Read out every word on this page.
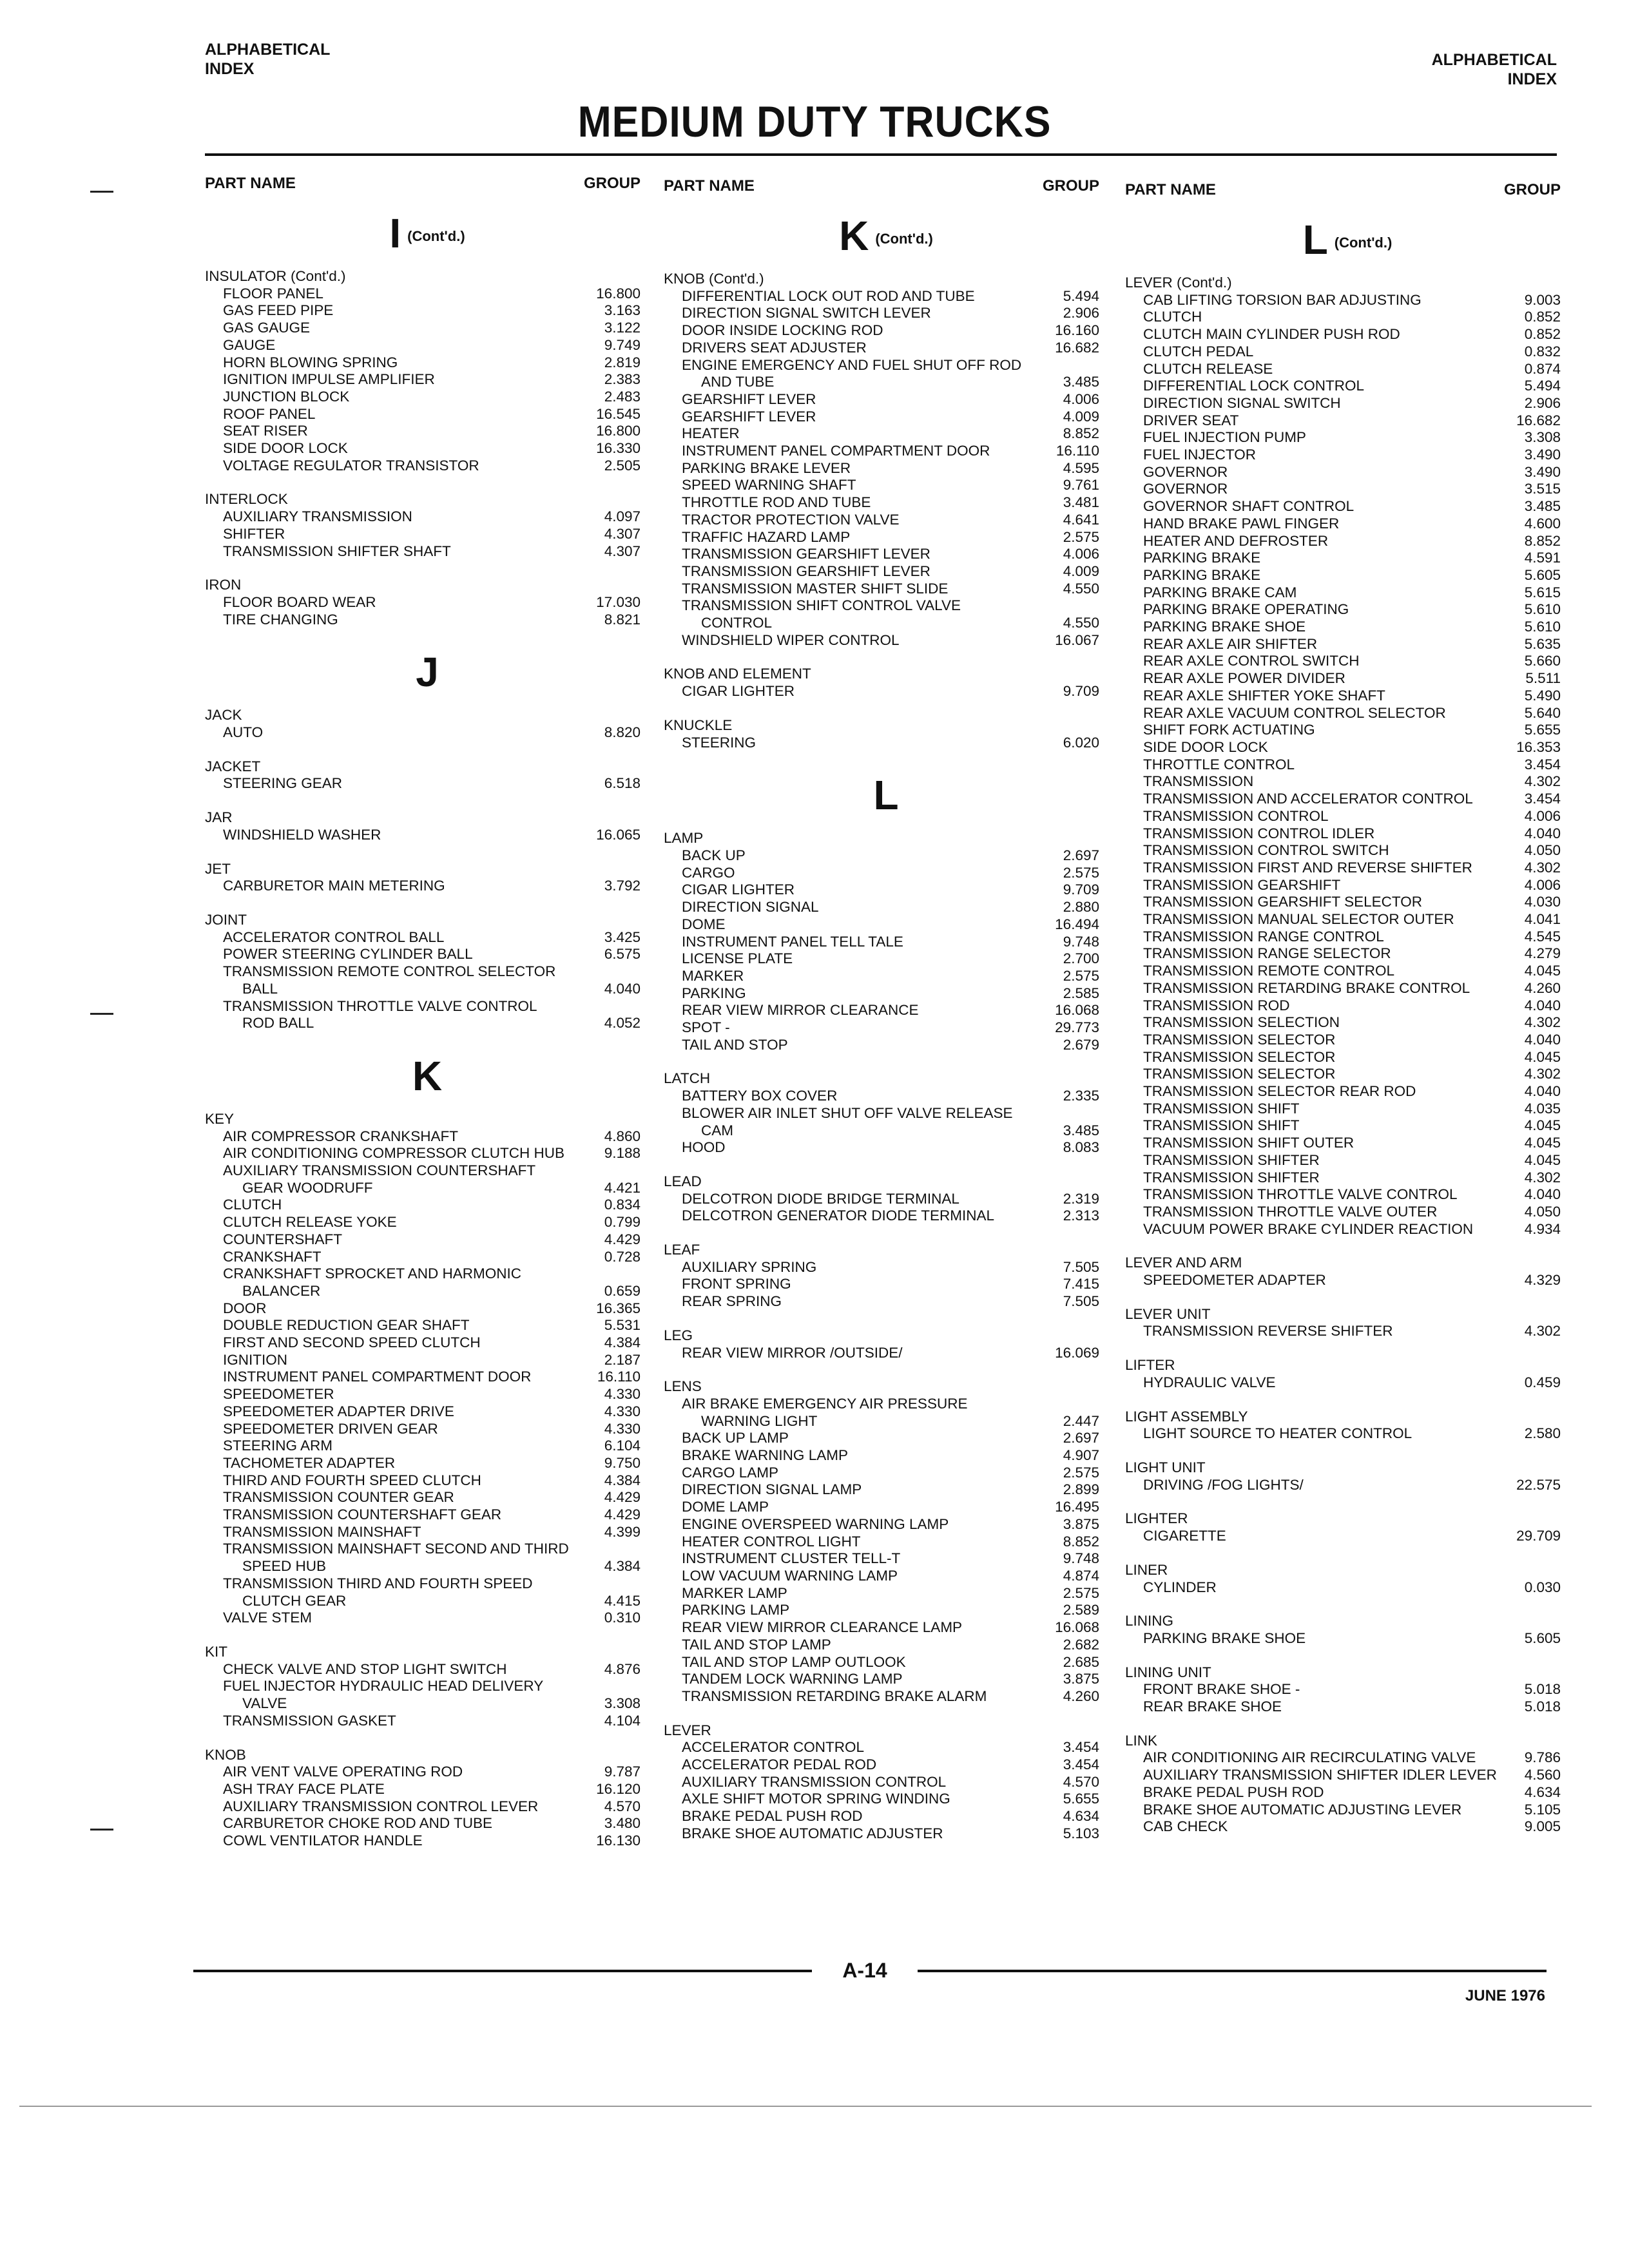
ALPHABETICAL
INDEX	ALPHABETICAL
INDEX
MEDIUM DUTY TRUCKS
PART NAME	GROUP
I (Cont'd.)
INSULATOR (Cont'd.)
FLOOR PANEL	16.800
GAS FEED PIPE	3.163
GAS GAUGE	3.122
GAUGE	9.749
HORN BLOWING SPRING	2.819
IGNITION IMPULSE AMPLIFIER	2.383
JUNCTION BLOCK	2.483
ROOF PANEL	16.545
SEAT RISER	16.800
SIDE DOOR LOCK	16.330
VOLTAGE REGULATOR TRANSISTOR	2.505
INTERLOCK
AUXILIARY TRANSMISSION	4.097
SHIFTER	4.307
TRANSMISSION SHIFTER SHAFT	4.307
IRON
FLOOR BOARD WEAR	17.030
TIRE CHANGING	8.821
J
JACK
AUTO	8.820
JACKET
STEERING GEAR	6.518
JAR
WINDSHIELD WASHER	16.065
JET
CARBURETOR MAIN METERING	3.792
JOINT
ACCELERATOR CONTROL BALL	3.425
POWER STEERING CYLINDER BALL	6.575
TRANSMISSION REMOTE CONTROL SELECTOR
BALL	4.040
TRANSMISSION THROTTLE VALVE CONTROL
ROD BALL	4.052
K
KEY
AIR COMPRESSOR CRANKSHAFT	4.860
AIR CONDITIONING COMPRESSOR CLUTCH HUB	9.188
AUXILIARY TRANSMISSION COUNTERSHAFT
GEAR WOODRUFF	4.421
CLUTCH	0.834
CLUTCH RELEASE YOKE	0.799
COUNTERSHAFT	4.429
CRANKSHAFT	0.728
CRANKSHAFT SPROCKET AND HARMONIC
BALANCER	0.659
DOOR	16.365
DOUBLE REDUCTION GEAR SHAFT	5.531
FIRST AND SECOND SPEED CLUTCH	4.384
IGNITION	2.187
INSTRUMENT PANEL COMPARTMENT DOOR	16.110
SPEEDOMETER	4.330
SPEEDOMETER ADAPTER DRIVE	4.330
SPEEDOMETER DRIVEN GEAR	4.330
STEERING ARM	6.104
TACHOMETER ADAPTER	9.750
THIRD AND FOURTH SPEED CLUTCH	4.384
TRANSMISSION COUNTER GEAR	4.429
TRANSMISSION COUNTERSHAFT GEAR	4.429
TRANSMISSION MAINSHAFT	4.399
TRANSMISSION MAINSHAFT SECOND AND THIRD
SPEED HUB	4.384
TRANSMISSION THIRD AND FOURTH SPEED
CLUTCH GEAR	4.415
VALVE STEM	0.310
KIT
CHECK VALVE AND STOP LIGHT SWITCH	4.876
FUEL INJECTOR HYDRAULIC HEAD DELIVERY
VALVE	3.308
TRANSMISSION GASKET	4.104
KNOB
AIR VENT VALVE OPERATING ROD	9.787
ASH TRAY FACE PLATE	16.120
AUXILIARY TRANSMISSION CONTROL LEVER	4.570
CARBURETOR CHOKE ROD AND TUBE	3.480
COWL VENTILATOR HANDLE	16.130
PART NAME	GROUP
K (Cont'd.)
KNOB (Cont'd.)
DIFFERENTIAL LOCK OUT ROD AND TUBE	5.494
DIRECTION SIGNAL SWITCH LEVER	2.906
DOOR INSIDE LOCKING ROD	16.160
DRIVERS SEAT ADJUSTER	16.682
ENGINE EMERGENCY AND FUEL SHUT OFF ROD
AND TUBE	3.485
GEARSHIFT LEVER	4.006
GEARSHIFT LEVER	4.009
HEATER	8.852
INSTRUMENT PANEL COMPARTMENT DOOR	16.110
PARKING BRAKE LEVER	4.595
SPEED WARNING SHAFT	9.761
THROTTLE ROD AND TUBE	3.481
TRACTOR PROTECTION VALVE	4.641
TRAFFIC HAZARD LAMP	2.575
TRANSMISSION GEARSHIFT LEVER	4.006
TRANSMISSION GEARSHIFT LEVER	4.009
TRANSMISSION MASTER SHIFT SLIDE	4.550
TRANSMISSION SHIFT CONTROL VALVE
CONTROL	4.550
WINDSHIELD WIPER CONTROL	16.067
KNOB AND ELEMENT
CIGAR LIGHTER	9.709
KNUCKLE
STEERING	6.020
L
LAMP
BACK UP	2.697
CARGO	2.575
CIGAR LIGHTER	9.709
DIRECTION SIGNAL	2.880
DOME	16.494
INSTRUMENT PANEL TELL TALE	9.748
LICENSE PLATE	2.700
MARKER	2.575
PARKING	2.585
REAR VIEW MIRROR CLEARANCE	16.068
SPOT -	29.773
TAIL AND STOP	2.679
LATCH
BATTERY BOX COVER	2.335
BLOWER AIR INLET SHUT OFF VALVE RELEASE
CAM	3.485
HOOD	8.083
LEAD
DELCOTRON DIODE BRIDGE TERMINAL	2.319
DELCOTRON GENERATOR DIODE TERMINAL	2.313
LEAF
AUXILIARY SPRING	7.505
FRONT SPRING	7.415
REAR SPRING	7.505
LEG
REAR VIEW MIRROR /OUTSIDE/	16.069
LENS
AIR BRAKE EMERGENCY AIR PRESSURE
WARNING LIGHT	2.447
BACK UP LAMP	2.697
BRAKE WARNING LAMP	4.907
CARGO LAMP	2.575
DIRECTION SIGNAL LAMP	2.899
DOME LAMP	16.495
ENGINE OVERSPEED WARNING LAMP	3.875
HEATER CONTROL LIGHT	8.852
INSTRUMENT CLUSTER TELL-T	9.748
LOW VACUUM WARNING LAMP	4.874
MARKER LAMP	2.575
PARKING LAMP	2.589
REAR VIEW MIRROR CLEARANCE LAMP	16.068
TAIL AND STOP LAMP	2.682
TAIL AND STOP LAMP OUTLOOK	2.685
TANDEM LOCK WARNING LAMP	3.875
TRANSMISSION RETARDING BRAKE ALARM	4.260
LEVER
ACCELERATOR CONTROL	3.454
ACCELERATOR PEDAL ROD	3.454
AUXILIARY TRANSMISSION CONTROL	4.570
AXLE SHIFT MOTOR SPRING WINDING	5.655
BRAKE PEDAL PUSH ROD	4.634
BRAKE SHOE AUTOMATIC ADJUSTER	5.103
PART NAME	GROUP
L (Cont'd.)
LEVER (Cont'd.)
CAB LIFTING TORSION BAR ADJUSTING	9.003
CLUTCH	0.852
CLUTCH MAIN CYLINDER PUSH ROD	0.852
CLUTCH PEDAL	0.832
CLUTCH RELEASE	0.874
DIFFERENTIAL LOCK CONTROL	5.494
DIRECTION SIGNAL SWITCH	2.906
DRIVER SEAT	16.682
FUEL INJECTION PUMP	3.308
FUEL INJECTOR	3.490
GOVERNOR	3.490
GOVERNOR	3.515
GOVERNOR SHAFT CONTROL	3.485
HAND BRAKE PAWL FINGER	4.600
HEATER AND DEFROSTER	8.852
PARKING BRAKE	4.591
PARKING BRAKE	5.605
PARKING BRAKE CAM	5.615
PARKING BRAKE OPERATING	5.610
PARKING BRAKE SHOE	5.610
REAR AXLE AIR SHIFTER	5.635
REAR AXLE CONTROL SWITCH	5.660
REAR AXLE POWER DIVIDER	5.511
REAR AXLE SHIFTER YOKE SHAFT	5.490
REAR AXLE VACUUM CONTROL SELECTOR	5.640
SHIFT FORK ACTUATING	5.655
SIDE DOOR LOCK	16.353
THROTTLE CONTROL	3.454
TRANSMISSION	4.302
TRANSMISSION AND ACCELERATOR CONTROL	3.454
TRANSMISSION CONTROL	4.006
TRANSMISSION CONTROL IDLER	4.040
TRANSMISSION CONTROL SWITCH	4.050
TRANSMISSION FIRST AND REVERSE SHIFTER	4.302
TRANSMISSION GEARSHIFT	4.006
TRANSMISSION GEARSHIFT SELECTOR	4.030
TRANSMISSION MANUAL SELECTOR OUTER	4.041
TRANSMISSION RANGE CONTROL	4.545
TRANSMISSION RANGE SELECTOR	4.279
TRANSMISSION REMOTE CONTROL	4.045
TRANSMISSION RETARDING BRAKE CONTROL	4.260
TRANSMISSION ROD	4.040
TRANSMISSION SELECTION	4.302
TRANSMISSION SELECTOR	4.040
TRANSMISSION SELECTOR	4.045
TRANSMISSION SELECTOR	4.302
TRANSMISSION SELECTOR REAR ROD	4.040
TRANSMISSION SHIFT	4.035
TRANSMISSION SHIFT	4.045
TRANSMISSION SHIFT OUTER	4.045
TRANSMISSION SHIFTER	4.045
TRANSMISSION SHIFTER	4.302
TRANSMISSION THROTTLE VALVE CONTROL	4.040
TRANSMISSION THROTTLE VALVE OUTER	4.050
VACUUM POWER BRAKE CYLINDER REACTION	4.934
LEVER AND ARM
SPEEDOMETER ADAPTER	4.329
LEVER UNIT
TRANSMISSION REVERSE SHIFTER	4.302
LIFTER
HYDRAULIC VALVE	0.459
LIGHT ASSEMBLY
LIGHT SOURCE TO HEATER CONTROL	2.580
LIGHT UNIT
DRIVING /FOG LIGHTS/	22.575
LIGHTER
CIGARETTE	29.709
LINER
CYLINDER	0.030
LINING
PARKING BRAKE SHOE	5.605
LINING UNIT
FRONT BRAKE SHOE -	5.018
REAR BRAKE SHOE	5.018
LINK
AIR CONDITIONING AIR RECIRCULATING VALVE	9.786
AUXILIARY TRANSMISSION SHIFTER IDLER LEVER 4.560
BRAKE PEDAL PUSH ROD	4.634
BRAKE SHOE AUTOMATIC ADJUSTING LEVER	5.105
CAB CHECK	9.005
A-14
JUNE 1976
